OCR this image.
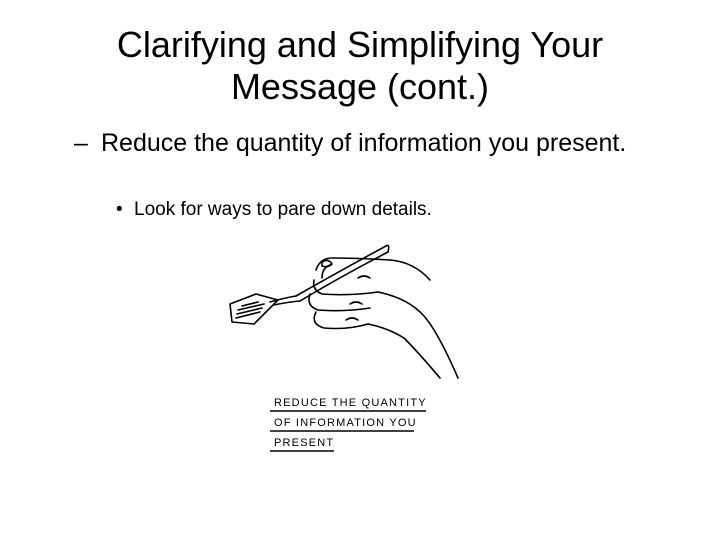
Clarifying and Simplifying Your
Message (cont.)
– Reduce the quantity of information you present.
• Look for ways to pare down details.
REDUCE THE QUANTITY
OF INFORMATION YOU
PRESENT
